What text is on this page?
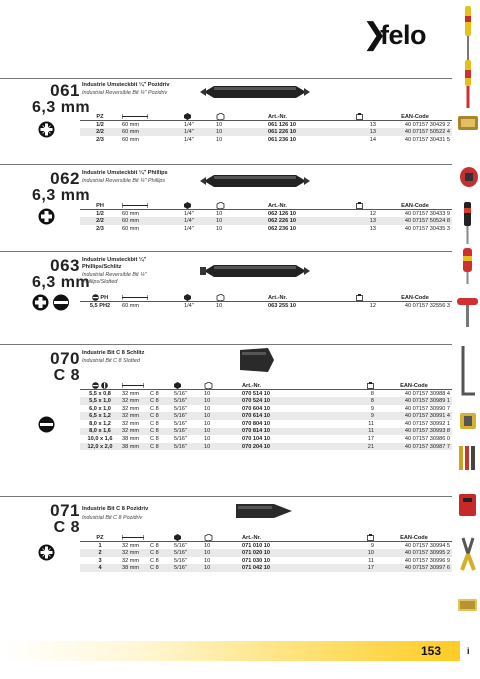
❯
felo
061
6,3 mm
Industrie Umsteckbit ¼" Pozidriv
Industrial Reversible Bit ¼" Pozidriv
PZ				Art.-Nr.		EAN-Code
1/2	60 mm	1/4"	10	061 126 10	13	40 07157 30429 2
2/2	60 mm	1/4"	10	061 226 10	13	40 07157 50522 4
2/3	60 mm	1/4"	10	061 236 10	14	40 07157 30431 5
062
6,3 mm
Industrie Umsteckbit ¼" Phillips
Industrial Reversible Bit ¼" Phillips
PH				Art.-Nr.		EAN-Code
1/2	60 mm	1/4"	10	062 126 10	12	40 07157 30433 9
2/2	60 mm	1/4"	10	062 226 10	13	40 07157 50524 8
2/3	60 mm	1/4"	10	062 236 10	13	40 07157 30435 3
063
6,3 mm
Industrie Umsteckbit ¼"
Phillips/Schlitz
Industrial Reversible Bit ¼"
Phillips/Slotted
PH				Art.-Nr.		EAN-Code
5,5 PH2	60 mm	1/4"	10	063 255 10	12	40 07157 32556 3
070
C 8
Industrie Bit C 8 Schlitz
Industrial Bit C 8 Slotted
					Art.-Nr.		EAN-Code
5,5 x 0,8	32 mm	C 8	5/16"	10	070 514 10	8	40 07157 30988 4
5,5 x 1,0	32 mm	C 8	5/16"	10	070 524 10	8	40 07157 30989 1
6,0 x 1,0	32 mm	C 8	5/16"	10	070 604 10	9	40 07157 30990 7
6,5 x 1,2	32 mm	C 8	5/16"	10	070 614 10	9	40 07157 30991 4
8,0 x 1,2	32 mm	C 8	5/16"	10	070 804 10	11	40 07157 30992 1
8,0 x 1,6	32 mm	C 8	5/16"	10	070 814 10	11	40 07157 30993 8
10,0 x 1,6	38 mm	C 8	5/16"	10	070 104 10	17	40 07157 30986 0
12,0 x 2,0	38 mm	C 8	5/16"	10	070 204 10	21	40 07157 30987 7
071
C 8
Industrie Bit C 8 Pozidriv
Industrial Bit C 8 Pozidriv
PZ					Art.-Nr.		EAN-Code
1	32 mm	C 8	5/16"	10	071 010 10	9	40 07157 30994 5
2	32 mm	C 8	5/16"	10	071 020 10	10	40 07157 30995 2
3	32 mm	C 8	5/16"	10	071 030 10	11	40 07157 30996 9
4	38 mm	C 8	5/16"	10	071 042 10	17	40 07157 30997 6
153	i
